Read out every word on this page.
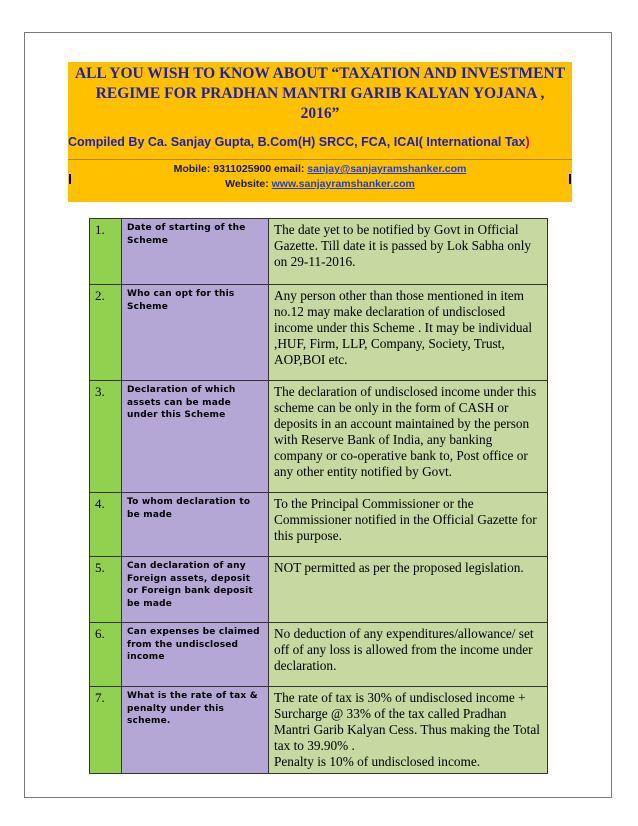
ALL YOU WISH TO KNOW ABOUT “TAXATION AND INVESTMENT
REGIME FOR PRADHAN MANTRI GARIB KALYAN YOJANA ,
2016”
Compiled By Ca. Sanjay Gupta, B.Com(H) SRCC, FCA, ICAI( International Tax)
Mobile: 9311025900 email: sanjay@sanjayramshanker.com
Website: www.sanjayramshanker.com
1.	Date of starting of the Scheme	The date yet to be notified by Govt in Official Gazette. Till date it is passed by Lok Sabha only on 29-11-2016.
2.	Who can opt for this Scheme	Any person other than those mentioned in item no.12 may make declaration of undisclosed income under this Scheme . It may be individual ,HUF, Firm, LLP, Company, Society, Trust, AOP,BOI etc.
3.	Declaration of which assets can be made under this Scheme	The declaration of undisclosed income under this scheme can be only in the form of CASH or deposits in an account maintained by the person with Reserve Bank of India, any banking company or co-operative bank to, Post office or any other entity notified by Govt.
4.	To whom declaration to be made	To the Principal Commissioner or the Commissioner notified in the Official Gazette for this purpose.
5.	Can declaration of any Foreign assets, deposit or Foreign bank deposit be made	NOT permitted as per the proposed legislation.
6.	Can expenses be claimed from the undisclosed income	No deduction of any expenditures/allowance/ set off of any loss is allowed from the income under declaration.
7.	What is the rate of tax & penalty under this scheme.	The rate of tax is 30% of undisclosed income + Surcharge @ 33% of the tax called Pradhan Mantri Garib Kalyan Cess. Thus making the Total tax to 39.90% .
Penalty is 10% of undisclosed income.
